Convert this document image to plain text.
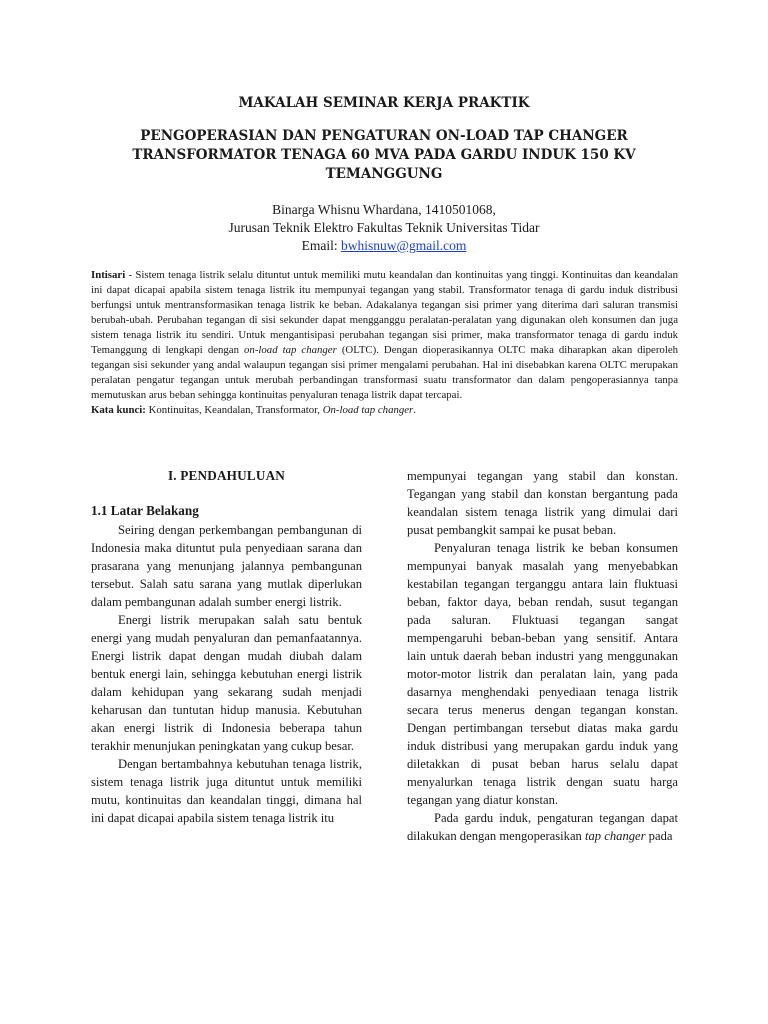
MAKALAH SEMINAR KERJA PRAKTIK
PENGOPERASIAN DAN PENGATURAN ON-LOAD TAP CHANGER
TRANSFORMATOR TENAGA 60 MVA PADA GARDU INDUK 150 KV
TEMANGGUNG
Binarga Whisnu Whardana, 1410501068,
Jurusan Teknik Elektro Fakultas Teknik Universitas Tidar
Email: bwhisnuw@gmail.com

Intisari - Sistem tenaga listrik selalu dituntut untuk memiliki mutu keandalan dan kontinuitas yang tinggi. Kontinuitas dan keandalan ini dapat dicapai apabila sistem tenaga listrik itu mempunyai tegangan yang stabil. Transformator tenaga di gardu induk distribusi berfungsi untuk mentransformasikan tenaga listrik ke beban. Adakalanya tegangan sisi primer yang diterima dari saluran transmisi berubah-ubah. Perubahan tegangan di sisi sekunder dapat mengganggu peralatan-peralatan yang digunakan oleh konsumen dan juga sistem tenaga listrik itu sendiri. Untuk mengantisipasi perubahan tegangan sisi primer, maka transformator tenaga di gardu induk Temanggung di lengkapi dengan on-load tap changer (OLTC). Dengan dioperasikannya OLTC maka diharapkan akan diperoleh tegangan sisi sekunder yang andal walaupun tegangan sisi primer mengalami perubahan. Hal ini disebabkan karena OLTC merupakan peralatan pengatur tegangan untuk merubah perbandingan transformasi suatu transformator dan dalam pengoperasiannya tanpa memutuskan arus beban sehingga kontinuitas penyaluran tenaga listrik dapat tercapai.

Kata kunci: Kontinuitas, Keandalan, Transformator, On-load tap changer.

I. PENDAHULUAN
1.1 Latar Belakang

Seiring dengan perkembangan pembangunan di Indonesia maka dituntut pula penyediaan sarana dan prasarana yang menunjang jalannya pembangunan tersebut. Salah satu sarana yang mutlak diperlukan dalam pembangunan adalah sumber energi listrik.

Energi listrik merupakan salah satu bentuk energi yang mudah penyaluran dan pemanfaatannya. Energi listrik dapat dengan mudah diubah dalam bentuk energi lain, sehingga kebutuhan energi listrik dalam kehidupan yang sekarang sudah menjadi keharusan dan tuntutan hidup manusia. Kebutuhan akan energi listrik di Indonesia beberapa tahun terakhir menunjukan peningkatan yang cukup besar.

Dengan bertambahnya kebutuhan tenaga listrik, sistem tenaga listrik juga dituntut untuk memiliki mutu, kontinuitas dan keandalan tinggi, dimana hal ini dapat dicapai apabila sistem tenaga listrik itu

mempunyai tegangan yang stabil dan konstan. Tegangan yang stabil dan konstan bergantung pada keandalan sistem tenaga listrik yang dimulai dari pusat pembangkit sampai ke pusat beban.

Penyaluran tenaga listrik ke beban konsumen mempunyai banyak masalah yang menyebabkan kestabilan tegangan terganggu antara lain fluktuasi beban, faktor daya, beban rendah, susut tegangan pada saluran. Fluktuasi tegangan sangat mempengaruhi beban-beban yang sensitif. Antara lain untuk daerah beban industri yang menggunakan motor-motor listrik dan peralatan lain, yang pada dasarnya menghendaki penyediaan tenaga listrik secara terus menerus dengan tegangan konstan. Dengan pertimbangan tersebut diatas maka gardu induk distribusi yang merupakan gardu induk yang diletakkan di pusat beban harus selalu dapat menyalurkan tenaga listrik dengan suatu harga tegangan yang diatur konstan.

Pada gardu induk, pengaturan tegangan dapat dilakukan dengan mengoperasikan tap changer pada
